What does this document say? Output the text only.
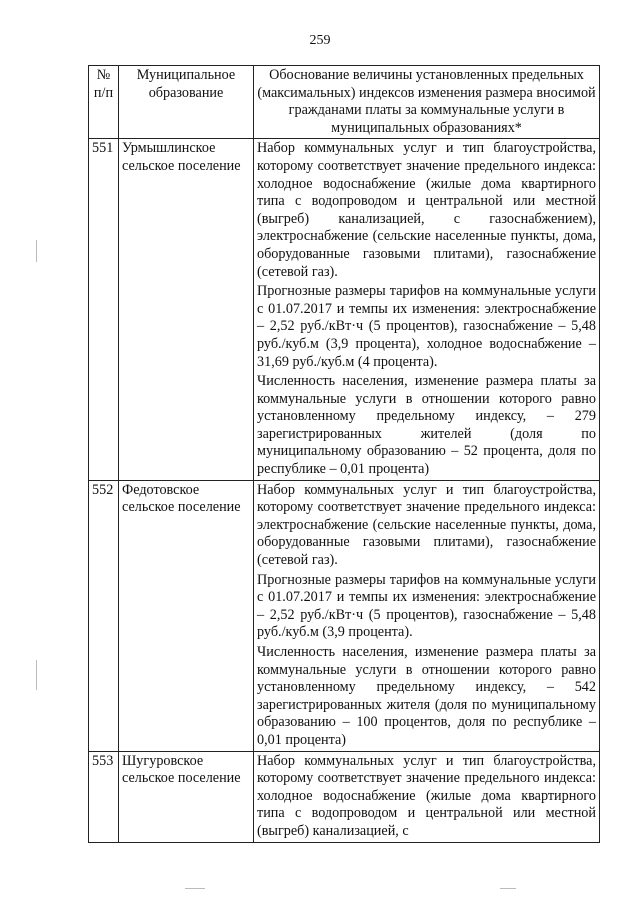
259
№ п/п	Муниципальное образование	Обоснование величины установленных предельных (максимальных) индексов изменения размера вносимой гражданами платы за коммунальные услуги в муниципальных образованиях*
551	Урмышлинское сельское поселение	Набор коммунальных услуг и тип благоустройства, которому соответствует значение предельного индекса: холодное водоснабжение (жилые дома квартирного типа с водопроводом и центральной или местной (выгреб) канализацией, с газоснабжением), электроснабжение (сельские населенные пункты, дома, оборудованные газовыми плитами), газоснабжение (сетевой газ).

Прогнозные размеры тарифов на коммунальные услуги с 01.07.2017 и темпы их изменения: электроснабжение – 2,52 руб./кВт·ч (5 процентов), газоснабжение – 5,48 руб./куб.м (3,9 процента), холодное водоснабжение – 31,69 руб./куб.м (4 процента).

Численность населения, изменение размера платы за коммунальные услуги в отношении которого равно установленному предельному индексу, – 279 зарегистрированных жителей (доля по муниципальному образованию – 52 процента, доля по республике – 0,01 процента)

552	Федотовское сельское поселение	Набор коммунальных услуг и тип благоустройства, которому соответствует значение предельного индекса: электроснабжение (сельские населенные пункты, дома, оборудованные газовыми плитами), газоснабжение (сетевой газ).

Прогнозные размеры тарифов на коммунальные услуги с 01.07.2017 и темпы их изменения: электроснабжение – 2,52 руб./кВт·ч (5 процентов), газоснабжение – 5,48 руб./куб.м (3,9 процента).

Численность населения, изменение размера платы за коммунальные услуги в отношении которого равно установленному предельному индексу, – 542 зарегистрированных жителя (доля по муниципальному образованию – 100 процентов, доля по республике – 0,01 процента)

553	Шугуровское сельское поселение	Набор коммунальных услуг и тип благоустройства, которому соответствует значение предельного индекса: холодное водоснабжение (жилые дома квартирного типа с водопроводом и центральной или местной (выгреб) канализацией, с
